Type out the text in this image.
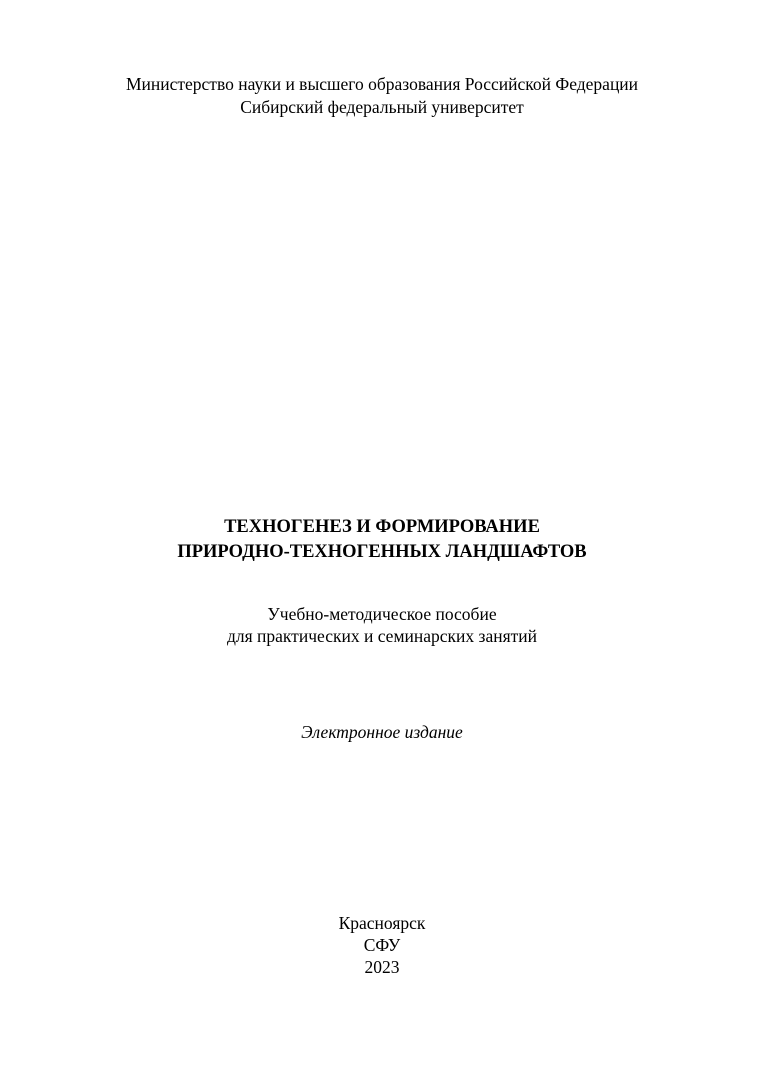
Министерство науки и высшего образования Российской Федерации
Сибирский федеральный университет
ТЕХНОГЕНЕЗ И ФОРМИРОВАНИЕ
ПРИРОДНО-ТЕХНОГЕННЫХ ЛАНДШАФТОВ
Учебно-методическое пособие
для практических и семинарских занятий
Электронное издание
Красноярск
СФУ
2023
